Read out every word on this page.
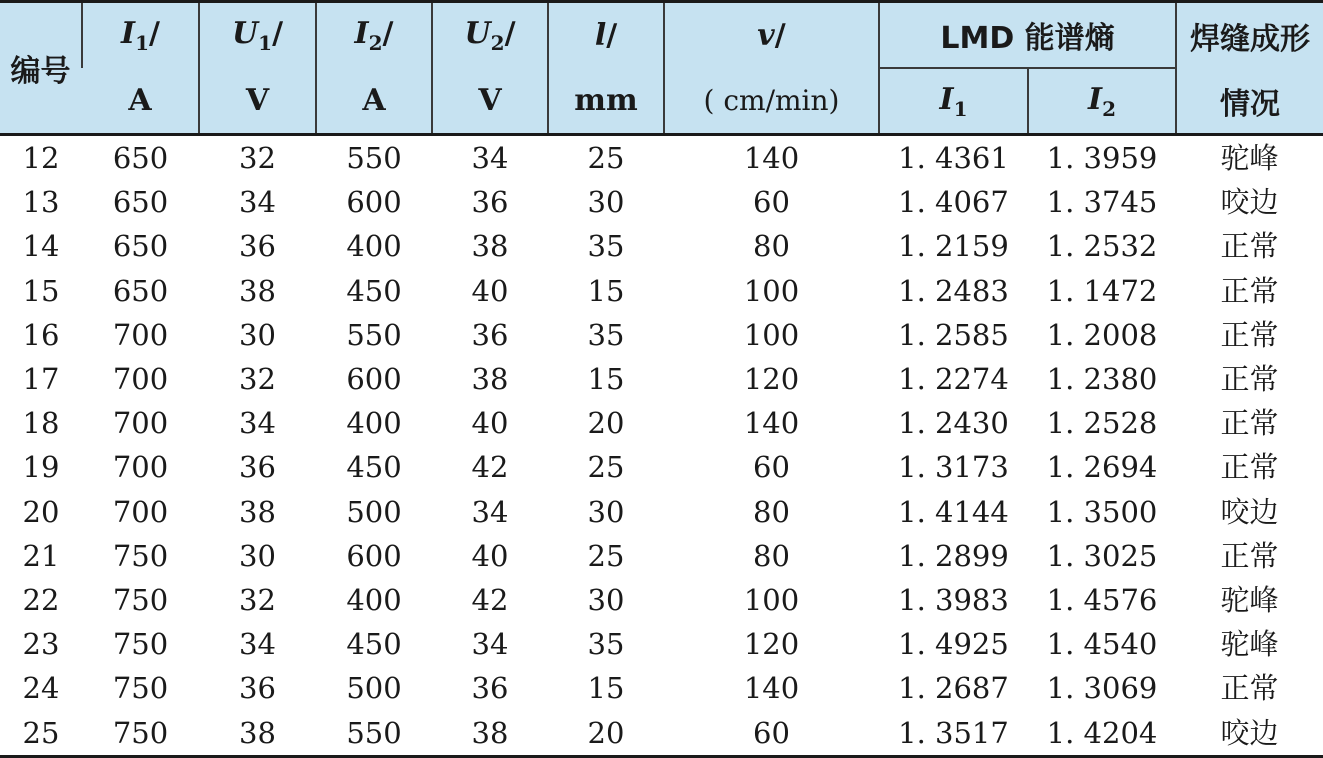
编号	$I_1/$	$U_1/$	$I_2/$	$U_2/$	l/	v/	LMD 能谱熵		焊缝成形
	A	V	A	V	mm	( cm/min)	$I_1$	$I_2$	情况
12	650	32	550	34	25	140	1. 4361	1. 3959	驼峰
13	650	34	600	36	30	60	1. 4067	1. 3745	咬边
14	650	36	400	38	35	80	1. 2159	1. 2532	正常
15	650	38	450	40	15	100	1. 2483	1. 1472	正常
16	700	30	550	36	35	100	1. 2585	1. 2008	正常
17	700	32	600	38	15	120	1. 2274	1. 2380	正常
18	700	34	400	40	20	140	1. 2430	1. 2528	正常
19	700	36	450	42	25	60	1. 3173	1. 2694	正常
20	700	38	500	34	30	80	1. 4144	1. 3500	咬边
21	750	30	600	40	25	80	1. 2899	1. 3025	正常
22	750	32	400	42	30	100	1. 3983	1. 4576	驼峰
23	750	34	450	34	35	120	1. 4925	1. 4540	驼峰
24	750	36	500	36	15	140	1. 2687	1. 3069	正常
25	750	38	550	38	20	60	1. 3517	1. 4204	咬边
